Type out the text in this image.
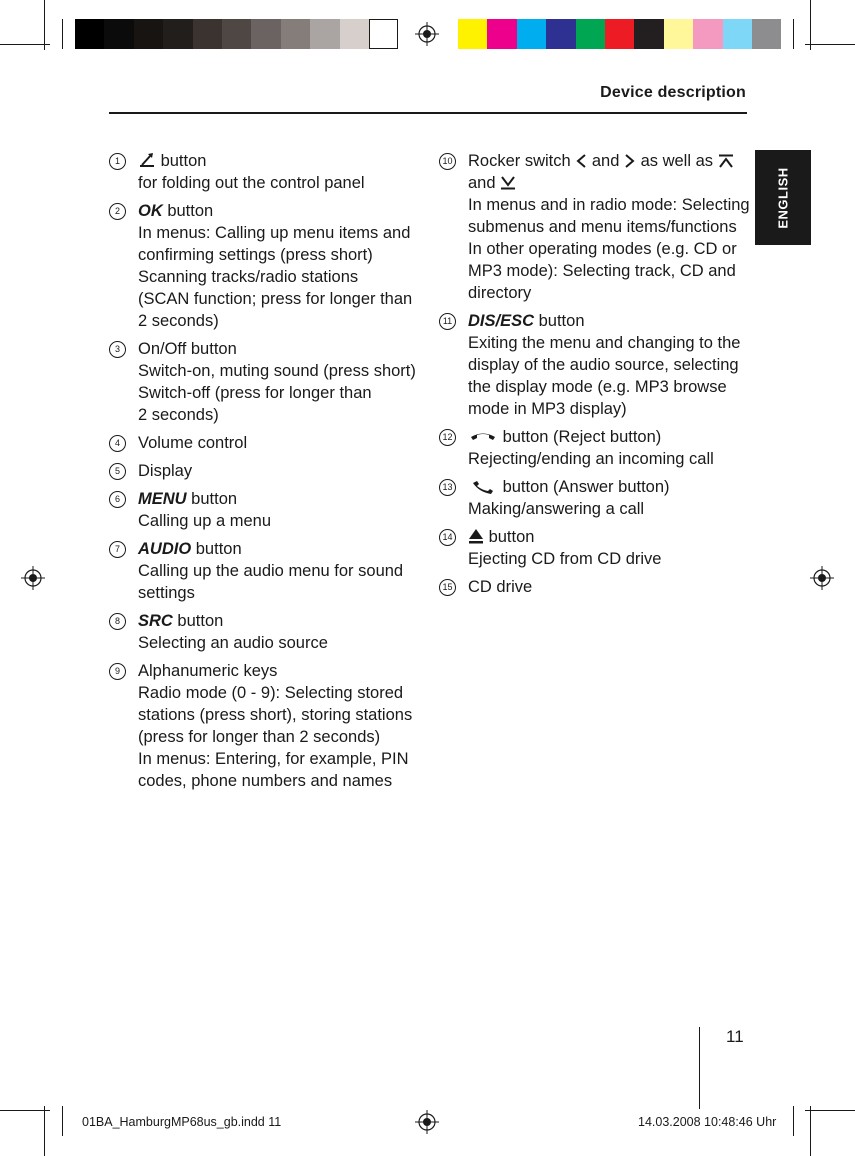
Device description
ENGLISH
1	button
for folding out the control panel
2	OK button
In menus: Calling up menu items and
confirming settings (press short)
Scanning tracks/radio stations
(SCAN function; press for longer than
2 seconds)
3	On/Off button
Switch-on, muting sound (press short)
Switch-off (press for longer than
2 seconds)
4	Volume control
5	Display
6	MENU button
Calling up a menu
7	AUDIO button
Calling up the audio menu for sound
settings
8	SRC button
Selecting an audio source
9	Alphanumeric keys
Radio mode (0 - 9): Selecting stored
stations (press short), storing stations
(press for longer than 2 seconds)
In menus: Entering, for example, PIN
codes, phone numbers and names
10 Rocker switch  and  as well as
and
In menus and in radio mode: Selecting
submenus and menu items/functions
In other operating modes (e.g. CD or
MP3 mode): Selecting track, CD and
directory
11 DIS/ESC button
Exiting the menu and changing to the
display of the audio source, selecting
the display mode (e.g. MP3 browse
mode in MP3 display)
12	button (Reject button)
Rejecting/ending an incoming call
13	button (Answer button)
Making/answering a call
14	button
Ejecting CD from CD drive
15 CD drive
11
01BA_HamburgMP68us_gb.indd 11	14.03.2008 10:48:46 Uhr
